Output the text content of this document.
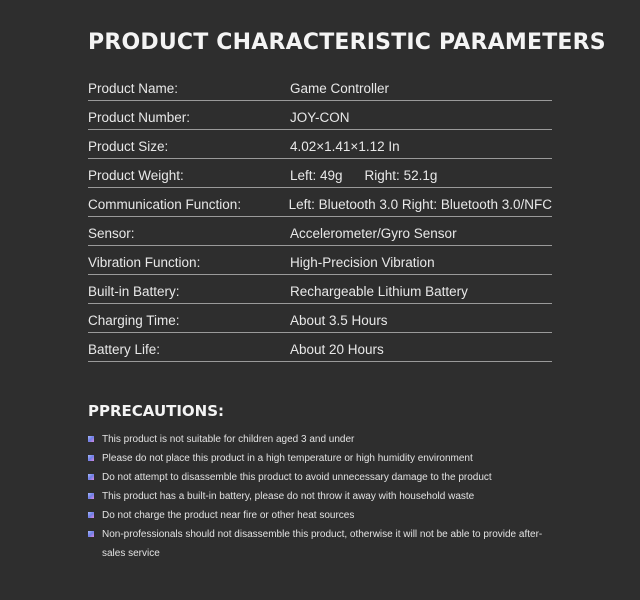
PRODUCT CHARACTERISTIC PARAMETERS
Product Name:	Game Controller
Product Number:	JOY-CON
Product Size:	4.02×1.41×1.12 In
Product Weight:	Left: 49g Right: 52.1g
Communication Function:	Left: Bluetooth 3.0 Right: Bluetooth 3.0/NFC
Sensor:	Accelerometer/Gyro Sensor
Vibration Function:	High-Precision Vibration
Built-in Battery:	Rechargeable Lithium Battery
Charging Time:	About 3.5 Hours
Battery Life:	About 20 Hours
PPRECAUTIONS:
This product is not suitable for children aged 3 and under
Please do not place this product in a high temperature or high humidity environment
Do not attempt to disassemble this product to avoid unnecessary damage to the product
This product has a built-in battery, please do not throw it away with household waste
Do not charge the product near fire or other heat sources
Non-professionals should not disassemble this product, otherwise it will not be able to provide after-sales service
